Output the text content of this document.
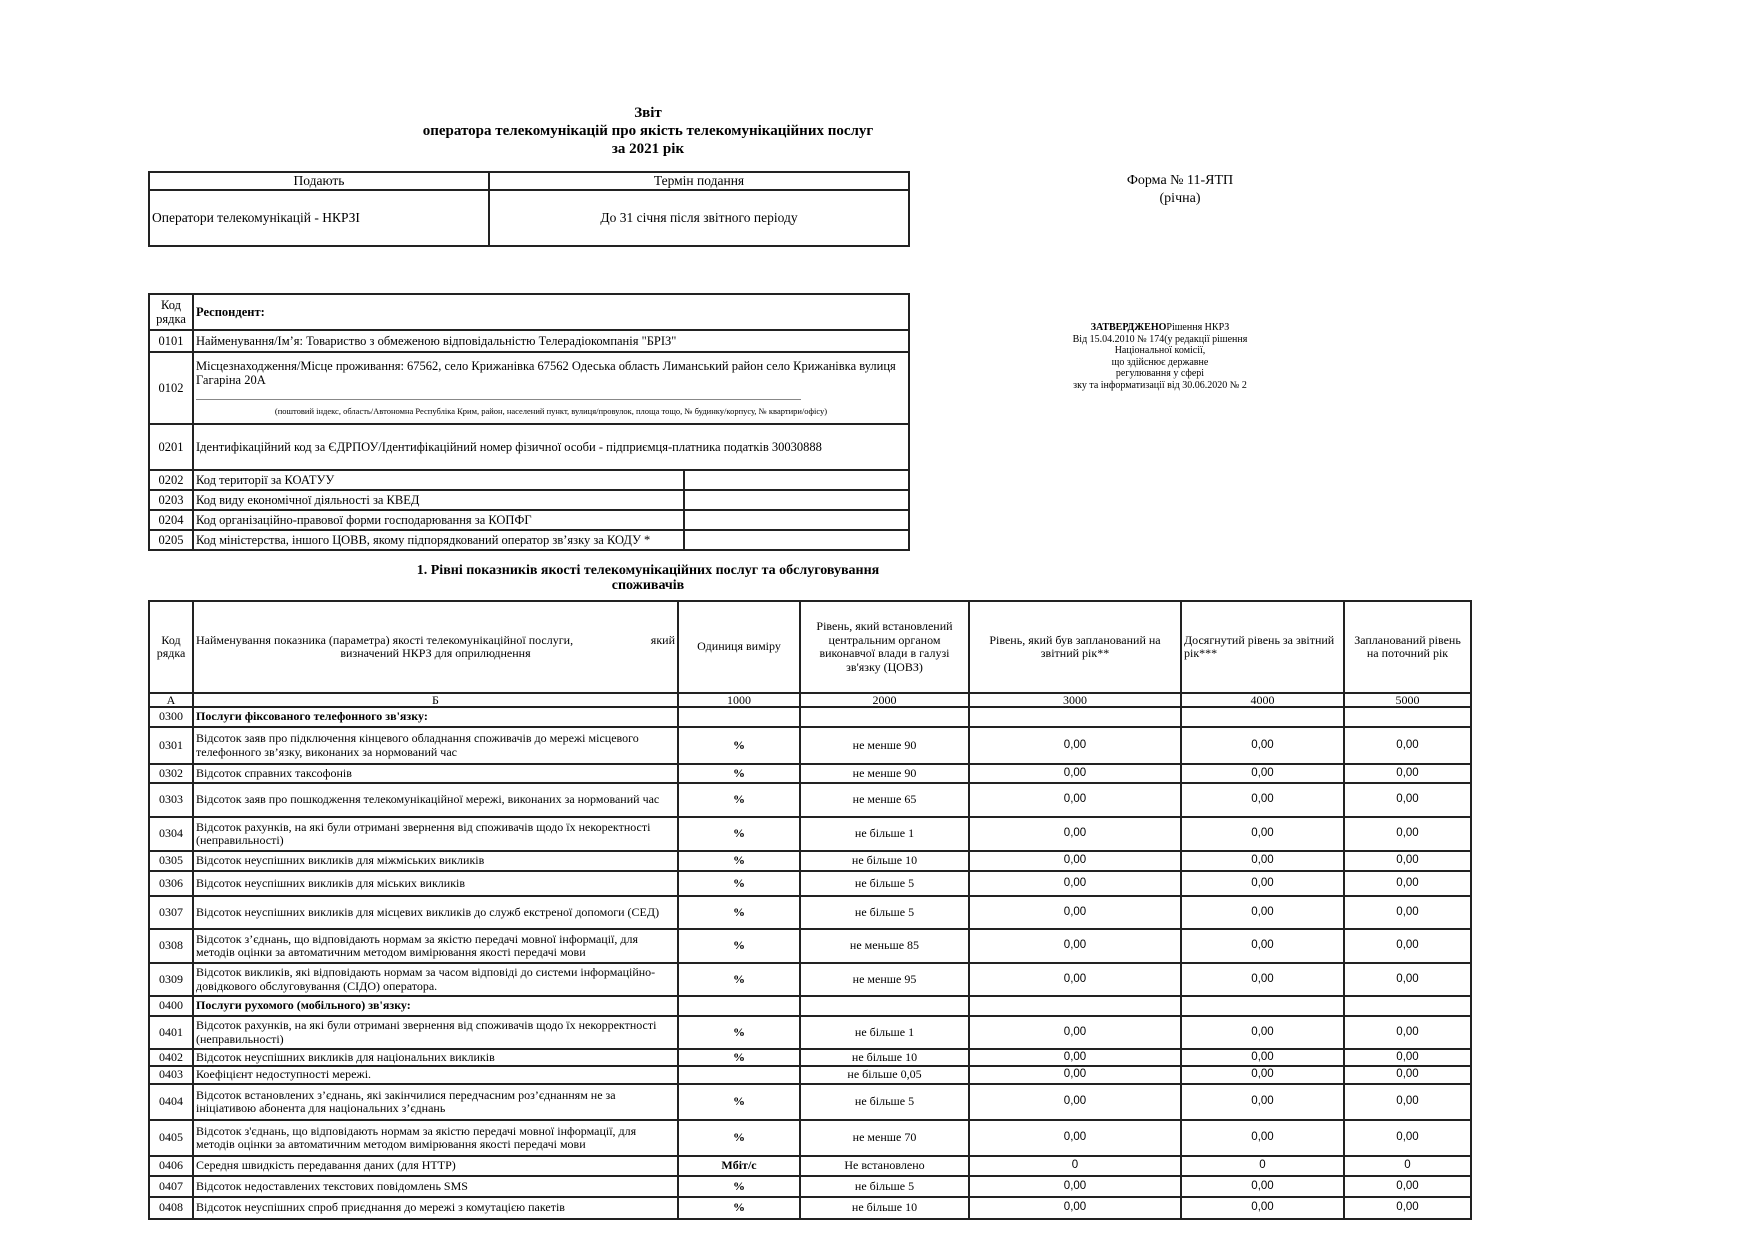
Звіт
оператора телекомунікацій про якість телекомунікаційних послуг
за 2021 рік
Форма № 11-ЯТП
(річна)
ЗАТВЕРДЖЕНОРішення НКРЗ
Від 15.04.2010 № 174(у редакції рішення
Національної комісії,
що здійснює державне
регулювання у сфері
зку та інформатизації від 30.06.2020 № 2
Подають	Термін подання
Оператори телекомунікацій - НКРЗІ	До 31 січня після звітного періоду
Код рядка	Респондент:	
0101	Найменування/Ім’я: Товариство з обмеженою відповідальністю Телерадіокомпанія "БРІЗ"	
0102	Місцезнаходження/Місце проживання: 67562, село Крижанівка 67562 Одеська область Лиманський район село Крижанівка вулиця Гагаріна 20А
(поштовий індекс, область/Автономна Республіка Крим, район, населений пункт, вулиця/провулок, площа тощо, № будинку/корпусу, № квартири/офісу)	

0201	Ідентифікаційний код за ЄДРПОУ/Ідентифікаційний номер фізичної особи - підприємця-платника податків 30030888	
0202	Код території за КОАТУУ	
0203	Код виду економічної діяльності за КВЕД	
0204	Код організаційно-правової форми господарювання за КОПФГ	
0205	Код міністерства, іншого ЦОВВ, якому підпорядкований оператор зв’язку за КОДУ *	
1. Рівні показників якості телекомунікаційних послуг та обслуговування
споживачів
Код рядка	Найменування показника (параметра) якості телекомунікаційної послуги, який
визначений НКРЗ для оприлюднення	Одиниця виміру	Рівень, який встановлений центральним органом виконавчої влади в галузі зв'язку (ЦОВЗ)	Рівень, який був запланований на звітний рік**	Досягнутий рівень за звітний рік***	Запланований рівень на поточний рік
А	Б	1000	2000	3000	4000	5000
0300	Послуги фіксованого телефонного зв'язку:					
0301	Відсоток заяв про підключення кінцевого обладнання споживачів до мережі місцевого телефонного зв’язку, виконаних за нормований час	%	не менше 90	0,00	0,00	0,00
0302	Відсоток справних таксофонів	%	не менше 90	0,00	0,00	0,00
0303	Відсоток заяв про пошкодження телекомунікаційної мережі, виконаних за нормований час	%	не менше 65	0,00	0,00	0,00
0304	Відсоток рахунків, на які були отримані звернення від споживачів щодо їх некоректності (неправильності)	%	не більше 1	0,00	0,00	0,00
0305	Відсоток неуспішних викликів для міжміських викликів	%	не більше 10	0,00	0,00	0,00
0306	Відсоток неуспішних викликів для міських викликів	%	не більше 5	0,00	0,00	0,00
0307	Відсоток неуспішних викликів для місцевих викликів до служб екстреної допомоги (СЕД)	%	не більше 5	0,00	0,00	0,00
0308	Відсоток з’єднань, що відповідають нормам за якістю передачі мовної інформації, для методів оцінки за автоматичним методом вимірювання якості передачі мови	%	не меньше 85	0,00	0,00	0,00
0309	Відсоток викликів, які відповідають нормам за часом відповіді до системи інформаційно-довідкового обслуговування (СІДО) оператора.	%	не менше 95	0,00	0,00	0,00
0400	Послуги рухомого (мобільного) зв'язку:					
0401	Відсоток рахунків, на які були отримані звернення від споживачів щодо їх некорректності (неправильності)	%	не більше 1	0,00	0,00	0,00
0402	Відсоток неуспішних викликів для національних викликів	%	не більше 10	0,00	0,00	0,00
0403	Коефіцієнт недоступності мережі.		не більше 0,05	0,00	0,00	0,00
0404	Відсоток встановлених з’єднань, які закінчилися передчасним роз’єднанням не за ініціативою абонента для національних з’єднань	%	не більше 5	0,00	0,00	0,00
0405	Відсоток з'єднань, що відповідають нормам за якістю передачі мовної інформації, для методів оцінки за автоматичним методом вимірювання якості передачі мови	%	не менше 70	0,00	0,00	0,00
0406	Середня швидкість передавання даних (для HTTP)	Мбіт/с	Не встановлено	0	0	0
0407	Відсоток недоставлених текстових повідомлень SMS	%	не більше 5	0,00	0,00	0,00
0408	Відсоток неуспішних спроб приєднання до мережі з комутацією пакетів	%	не більше 10	0,00	0,00	0,00
